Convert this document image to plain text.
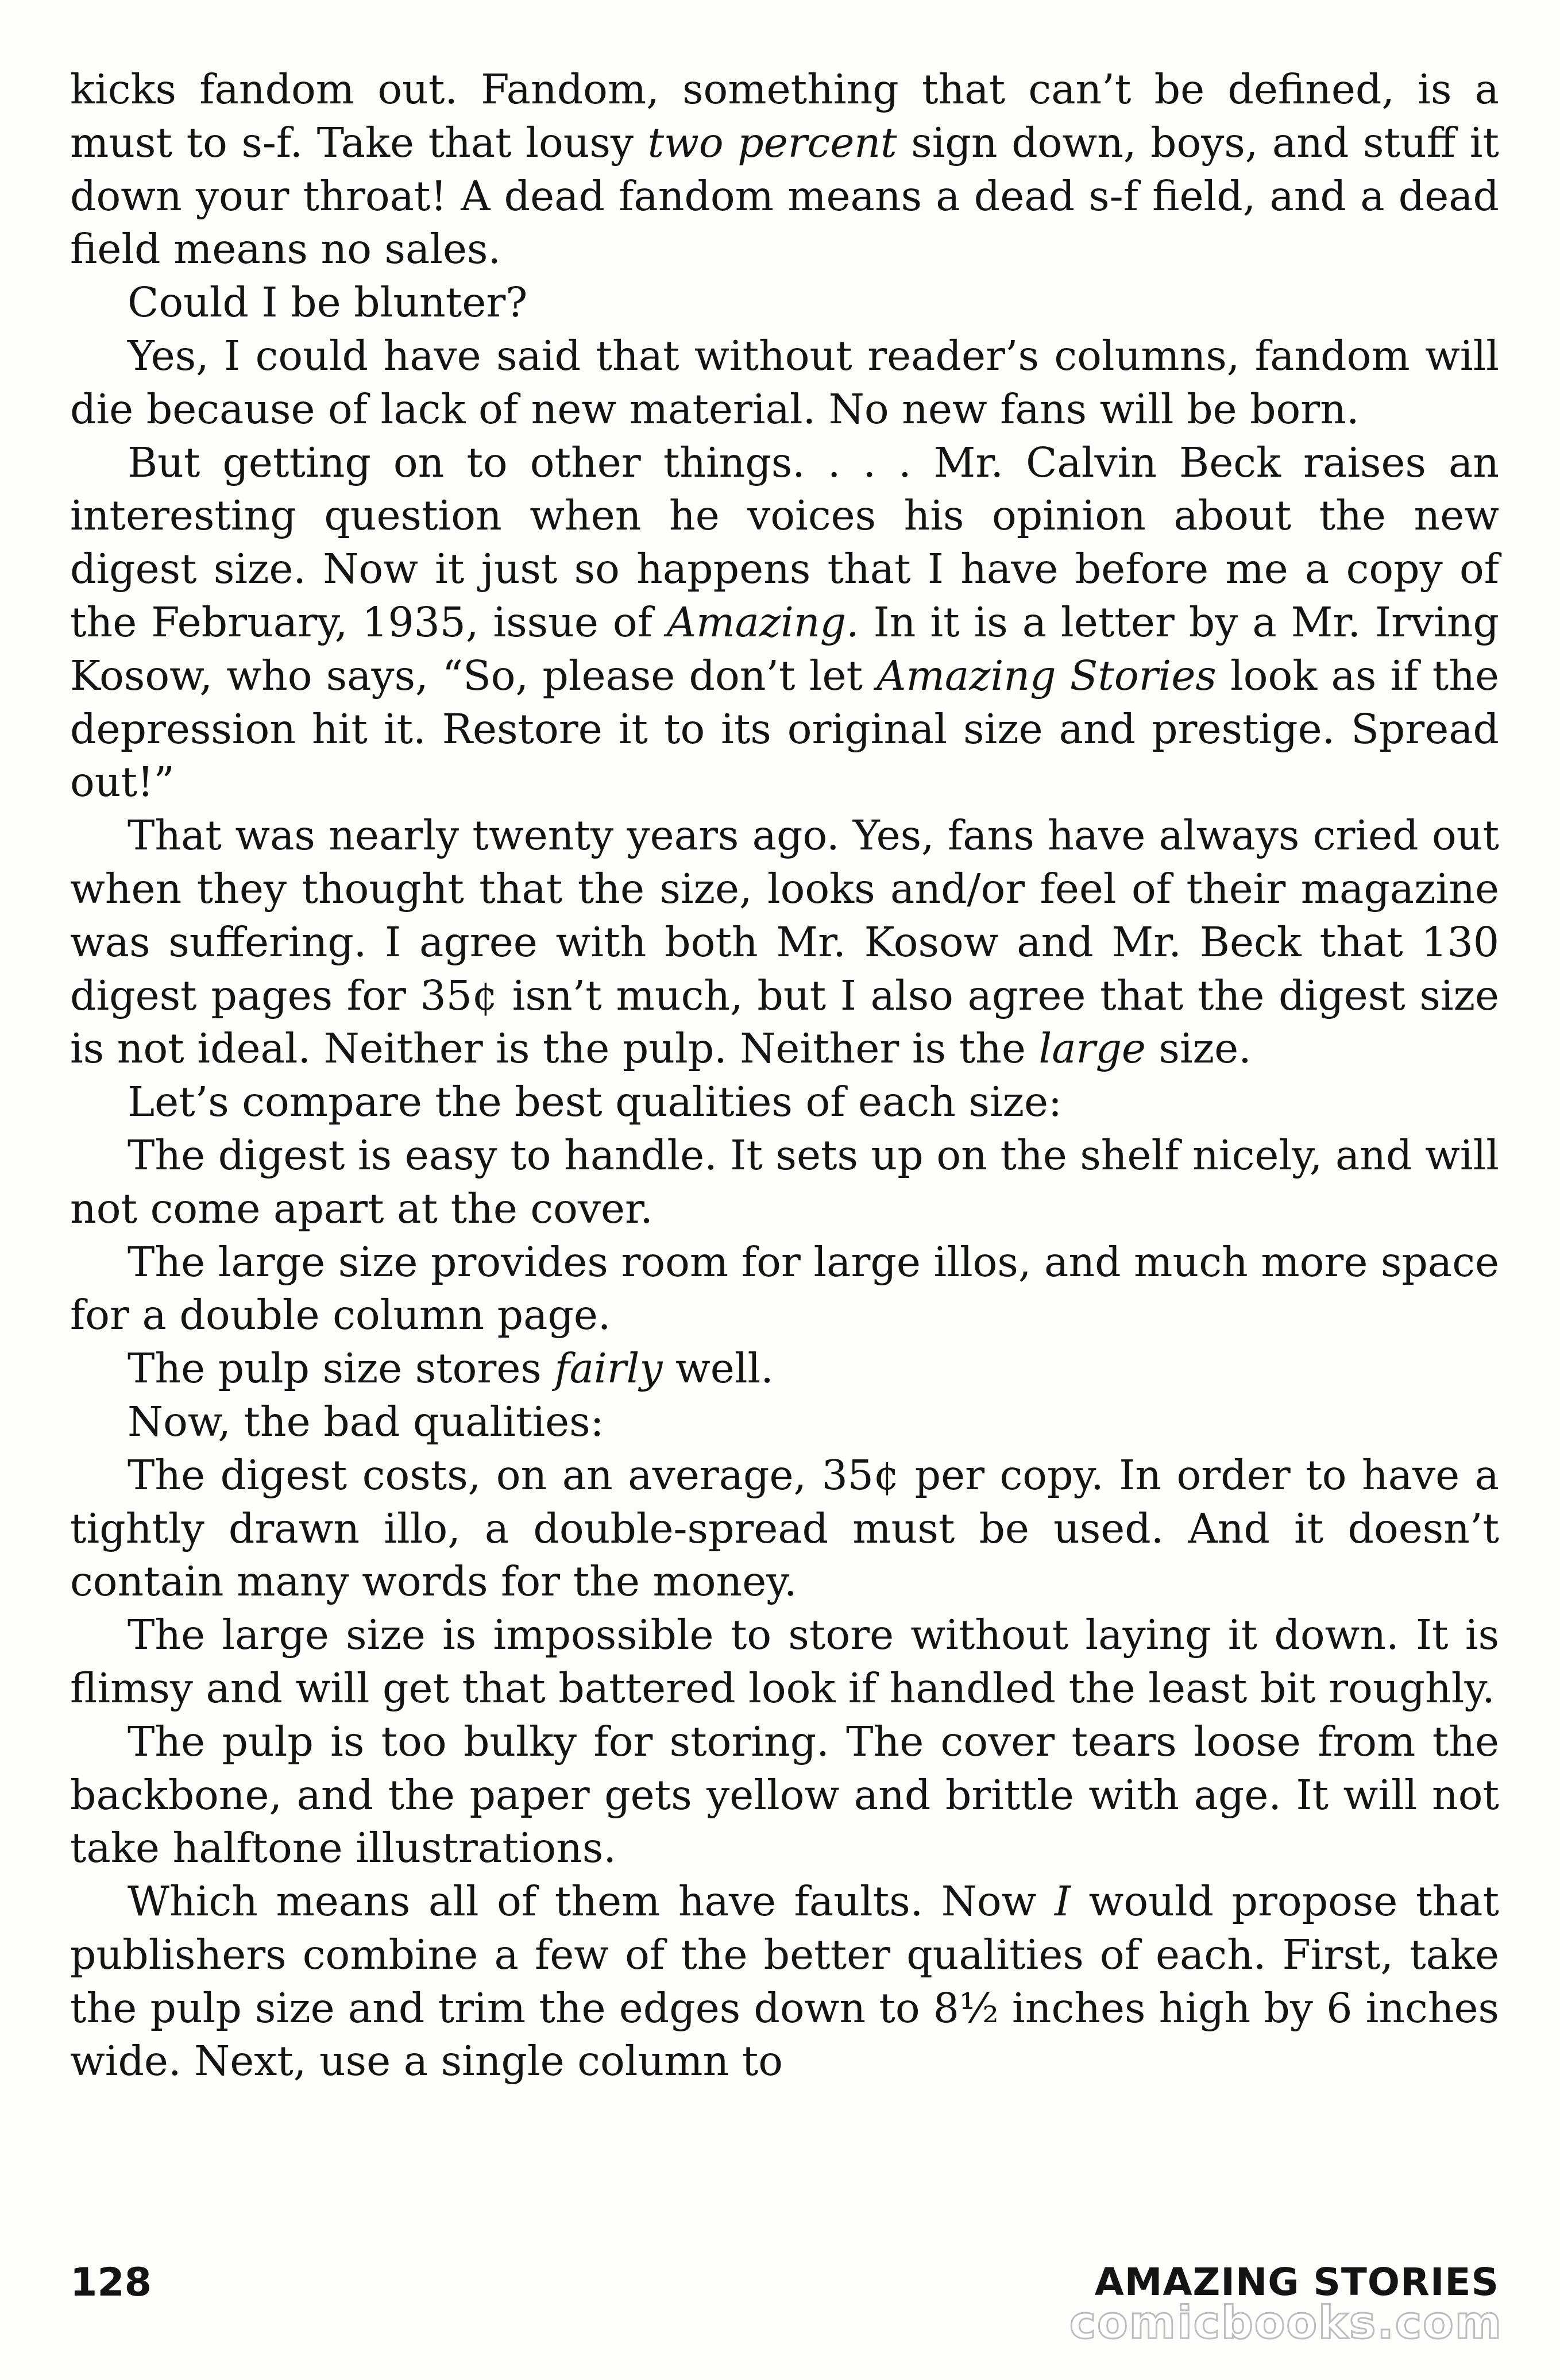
kicks fandom out. Fandom, something that can’t be defined, is a must to s-f. Take that lousy two percent sign down, boys, and stuff it down your throat! A dead fandom means a dead s-f field, and a dead field means no sales.

Could I be blunter?

Yes, I could have said that without reader’s columns, fandom will die because of lack of new material. No new fans will be born.

But getting on to other things. . . . Mr. Calvin Beck raises an interesting question when he voices his opinion about the new digest size. Now it just so happens that I have before me a copy of the February, 1935, issue of Amazing. In it is a letter by a Mr. Irving Kosow, who says, “So, please don’t let Amazing Stories look as if the depression hit it. Restore it to its original size and prestige. Spread out!”

That was nearly twenty years ago. Yes, fans have always cried out when they thought that the size, looks and/or feel of their magazine was suffering. I agree with both Mr. Kosow and Mr. Beck that 130 digest pages for 35¢ isn’t much, but I also agree that the digest size is not ideal. Neither is the pulp. Neither is the large size.

Let’s compare the best qualities of each size:

The digest is easy to handle. It sets up on the shelf nicely, and will not come apart at the cover.

The large size provides room for large illos, and much more space for a double column page.

The pulp size stores fairly well.

Now, the bad qualities:

The digest costs, on an average, 35¢ per copy. In order to have a tightly drawn illo, a double-spread must be used. And it doesn’t contain many words for the money.

The large size is impossible to store without laying it down. It is flimsy and will get that battered look if handled the least bit roughly.

The pulp is too bulky for storing. The cover tears loose from the backbone, and the paper gets yellow and brittle with age. It will not take halftone illustrations.

Which means all of them have faults. Now I would propose that publishers combine a few of the better qualities of each. First, take the pulp size and trim the edges down to 8½ inches high by 6 inches wide. Next, use a single column to

128	AMAZING STORIES
comicbooks.com
